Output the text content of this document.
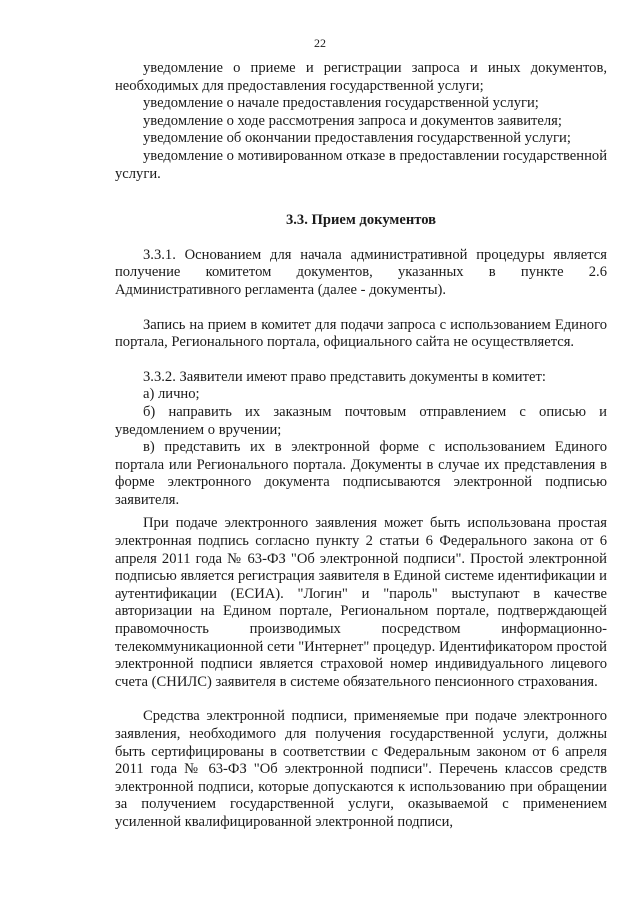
22

уведомление о приеме и регистрации запроса и иных документов, необходимых для предоставления государственной услуги;

уведомление о начале предоставления государственной услуги;

уведомление о ходе рассмотрения запроса и документов заявителя;

уведомление об окончании предоставления государственной услуги;

уведомление о мотивированном отказе в предоставлении государственной услуги.

3.3. Прием документов

3.3.1. Основанием для начала административной процедуры является получение комитетом документов, указанных в пункте 2.6 Административного регламента (далее - документы).

Запись на прием в комитет для подачи запроса с использованием Единого портала, Регионального портала, официального сайта не осуществляется.

3.3.2. Заявители имеют право представить документы в комитет:

а) лично;

б) направить их заказным почтовым отправлением с описью и уведомлением о вручении;

в) представить их в электронной форме с использованием Единого портала или Регионального портала. Документы в случае их представления в форме электронного документа подписываются электронной подписью заявителя.

При подаче электронного заявления может быть использована простая электронная подпись согласно пункту 2 статьи 6 Федерального закона от 6 апреля 2011 года № 63-ФЗ "Об электронной подписи". Простой электронной подписью является регистрация заявителя в Единой системе идентификации и аутентификации (ЕСИА). "Логин" и "пароль" выступают в качестве авторизации на Едином портале, Региональном портале, подтверждающей правомочность производимых посредством информационно-телекоммуникационной сети "Интернет" процедур. Идентификатором простой электронной подписи является страховой номер индивидуального лицевого счета (СНИЛС) заявителя в системе обязательного пенсионного страхования.

Средства электронной подписи, применяемые при подаче электронного заявления, необходимого для получения государственной услуги, должны быть сертифицированы в соответствии с Федеральным законом от 6 апреля 2011 года № 63-ФЗ "Об электронной подписи". Перечень классов средств электронной подписи, которые допускаются к использованию при обращении за получением государственной услуги, оказываемой с применением усиленной квалифицированной электронной подписи,
